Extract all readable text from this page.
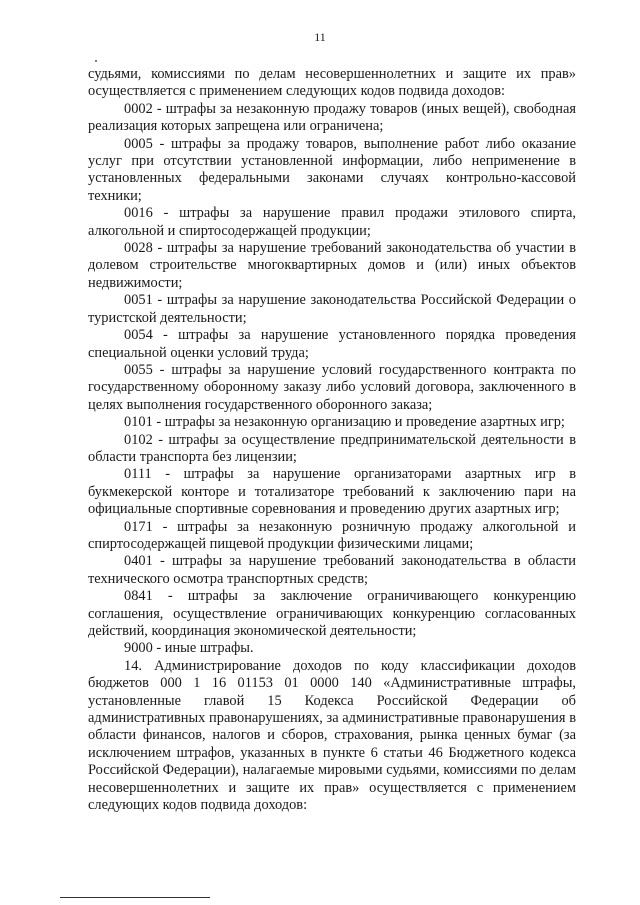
11

судьями, комиссиями по делам несовершеннолетних и защите их прав» осуществляется с применением следующих кодов подвида доходов:

0002 - штрафы за незаконную продажу товаров (иных вещей), свободная реализация которых запрещена или ограничена;

0005 - штрафы за продажу товаров, выполнение работ либо оказание услуг при отсутствии установленной информации, либо неприменение в установленных федеральными законами случаях контрольно-кассовой техники;

0016 - штрафы за нарушение правил продажи этилового спирта, алкогольной и спиртосодержащей продукции;

0028 - штрафы за нарушение требований законодательства об участии в долевом строительстве многоквартирных домов и (или) иных объектов недвижимости;

0051 - штрафы за нарушение законодательства Российской Федерации о туристской деятельности;

0054 - штрафы за нарушение установленного порядка проведения специальной оценки условий труда;

0055 - штрафы за нарушение условий государственного контракта по государственному оборонному заказу либо условий договора, заключенного в целях выполнения государственного оборонного заказа;

0101 - штрафы за незаконную организацию и проведение азартных игр;

0102 - штрафы за осуществление предпринимательской деятельности в области транспорта без лицензии;

0111 - штрафы за нарушение организаторами азартных игр в букмекерской конторе и тотализаторе требований к заключению пари на официальные спортивные соревнования и проведению других азартных игр;

0171 - штрафы за незаконную розничную продажу алкогольной и спиртосодержащей пищевой продукции физическими лицами;

0401 - штрафы за нарушение требований законодательства в области технического осмотра транспортных средств;

0841 - штрафы за заключение ограничивающего конкуренцию соглашения, осуществление ограничивающих конкуренцию согласованных действий, координация экономической деятельности;

9000 - иные штрафы.

14. Администрирование доходов по коду классификации доходов бюджетов 000 1 16 01153 01 0000 140 «Административные штрафы, установленные главой 15 Кодекса Российской Федерации об административных правонарушениях, за административные правонарушения в области финансов, налогов и сборов, страхования, рынка ценных бумаг (за исключением штрафов, указанных в пункте 6 статьи 46 Бюджетного кодекса Российской Федерации), налагаемые мировыми судьями, комиссиями по делам несовершеннолетних и защите их прав» осуществляется с применением следующих кодов подвида доходов:
